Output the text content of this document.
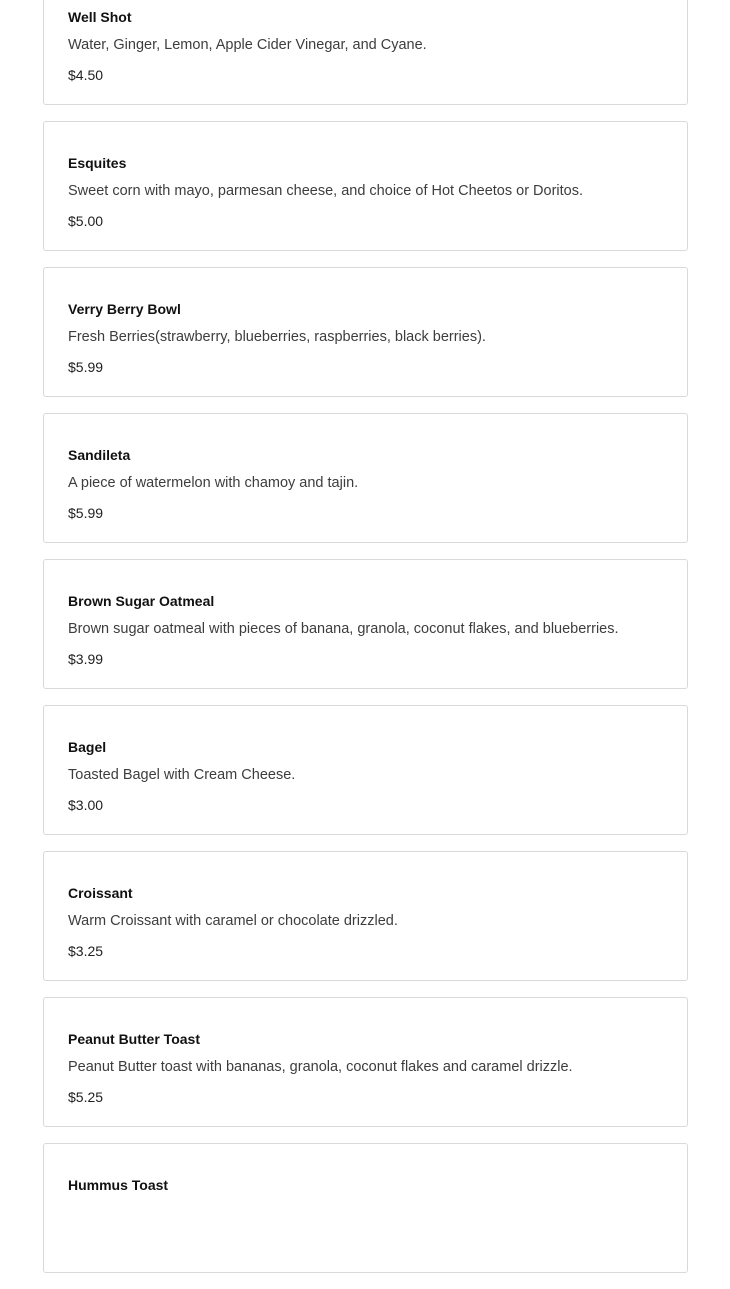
Well Shot
Water, Ginger, Lemon, Apple Cider Vinegar, and Cyane.
$4.50
Esquites
Sweet corn with mayo, parmesan cheese, and choice of Hot Cheetos or Doritos.
$5.00
Verry Berry Bowl
Fresh Berries(strawberry, blueberries, raspberries, black berries).
$5.99
Sandileta
A piece of watermelon with chamoy and tajin.
$5.99
Brown Sugar Oatmeal
Brown sugar oatmeal with pieces of banana, granola, coconut flakes, and blueberries.
$3.99
Bagel
Toasted Bagel with Cream Cheese.
$3.00
Croissant
Warm Croissant with caramel or chocolate drizzled.
$3.25
Peanut Butter Toast
Peanut Butter toast with bananas, granola, coconut flakes and caramel drizzle.
$5.25
Hummus Toast
